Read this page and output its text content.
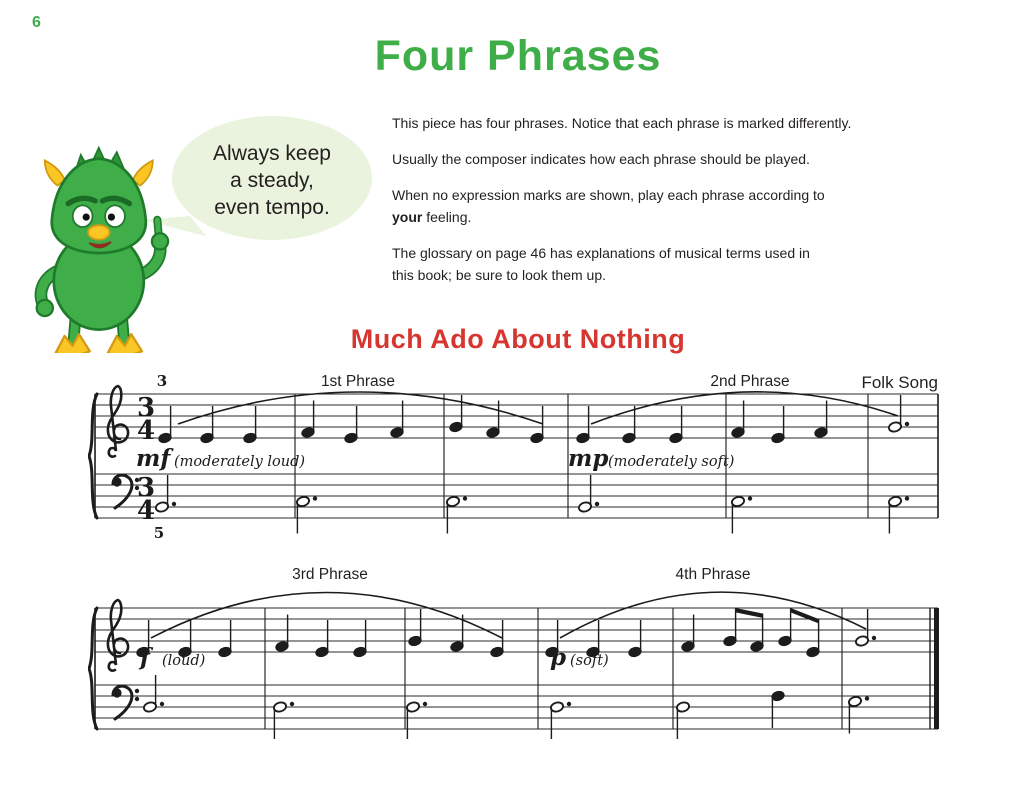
6
Four Phrases
Always keep
a steady,
even tempo.

This piece has four phrases. Notice that each phrase is marked differently.

Usually the composer indicates how each phrase should be played.

When no expression marks are shown, play each phrase according to
your feeling.

The glossary on page 46 has explanations of musical terms used in
this book; be sure to look them up.

Much Ado About Nothing
3
4
3
4
1st Phrase	2nd Phrase
mf (moderately loud)	mp (moderately soft)
3
5
Folk Song
3rd Phrase	4th Phrase
f (loud)	p (soft)
